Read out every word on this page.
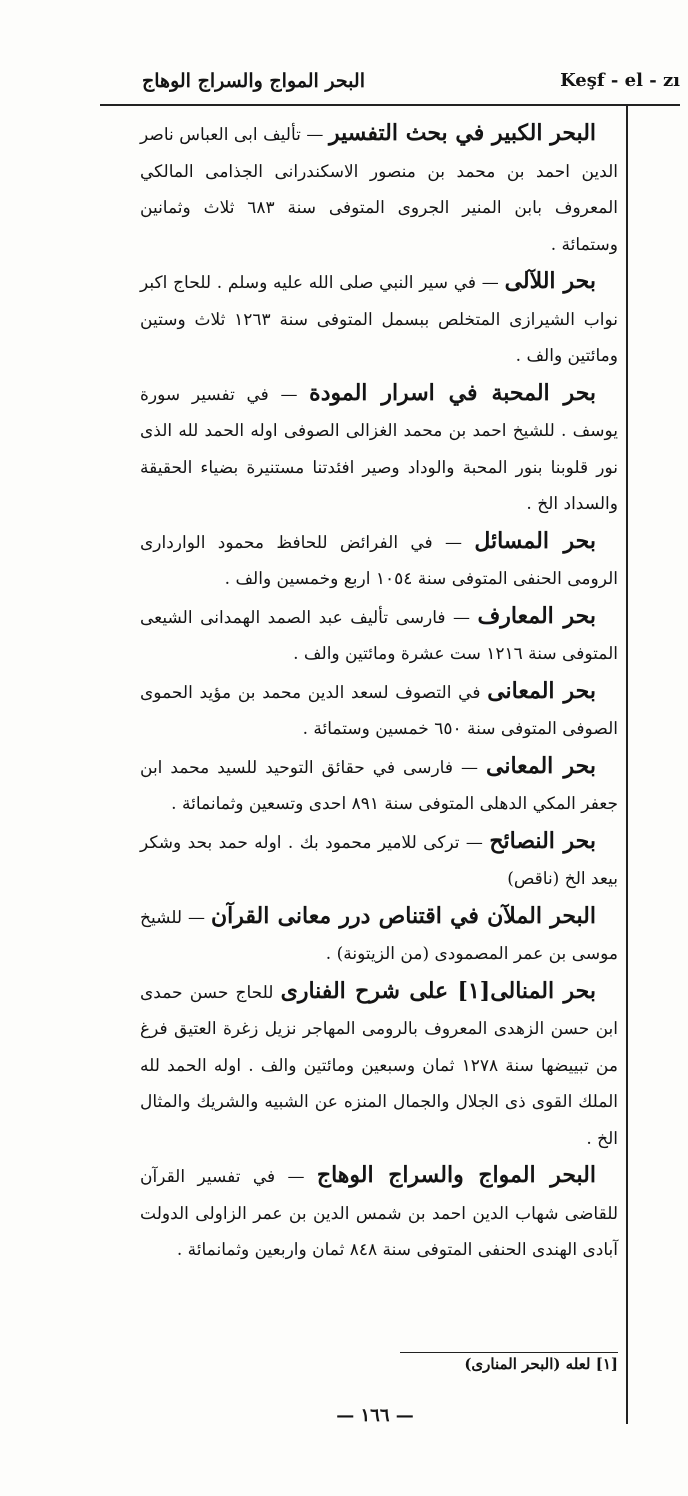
Keşf - el - zı
البحر المواج والسراج الوهاج

البحر الكبير في بحث التفسير — تأليف ابى العباس ناصر الدين احمد بن محمد بن منصور الاسكندرانى الجذامى المالكي المعروف بابن المنير الجروى المتوفى سنة ٦٨٣ ثلاث وثمانين وستمائة .

بحر اللآلى — في سير النبي صلى الله عليه وسلم . للحاج اكبر نواب الشيرازى المتخلص ببسمل المتوفى سنة ١٢٦٣ ثلاث وستين ومائتين والف .

بحر المحبة في اسرار المودة — في تفسير سورة يوسف . للشيخ احمد بن محمد الغزالى الصوفى اوله الحمد لله الذى نور قلوبنا بنور المحبة والوداد وصير افئدتنا مستنيرة بضياء الحقيقة والسداد الخ .

بحر المسائل — في الفرائض للحافظ محمود الواردارى الرومى الحنفى المتوفى سنة ١٠٥٤ اربع وخمسين والف .

بحر المعارف — فارسى تأليف عبد الصمد الهمدانى الشيعى المتوفى سنة ١٢١٦ ست عشرة ومائتين والف .

بحر المعانى في التصوف لسعد الدين محمد بن مؤيد الحموى الصوفى المتوفى سنة ٦٥٠ خمسين وستمائة .

بحر المعانى — فارسى في حقائق التوحيد للسيد محمد ابن جعفر المكي الدهلى المتوفى سنة ٨٩١ احدى وتسعين وثمانمائة .

بحر النصائح — تركى للامير محمود بك . اوله حمد بحد وشكر بيعد الخ (ناقص)

البحر الملآن في اقتناص درر معانى القرآن — للشيخ موسى بن عمر المصمودى (من الزيتونة) .

بحر المنالى[١] على شرح الفنارى للحاج حسن حمدى ابن حسن الزهدى المعروف بالرومى المهاجر نزيل زغرة العتيق فرغ من تبييضها سنة ١٢٧٨ ثمان وسبعين ومائتين والف . اوله الحمد لله الملك القوى ذى الجلال والجمال المنزه عن الشبيه والشريك والمثال الخ .

البحر المواج والسراج الوهاج — في تفسير القرآن للقاضى شهاب الدين احمد بن شمس الدين بن عمر الزاولى الدولت آبادى الهندى الحنفى المتوفى سنة ٨٤٨ ثمان واربعين وثمانمائة .

[١] لعله (البحر المنارى)
— ١٦٦ —
